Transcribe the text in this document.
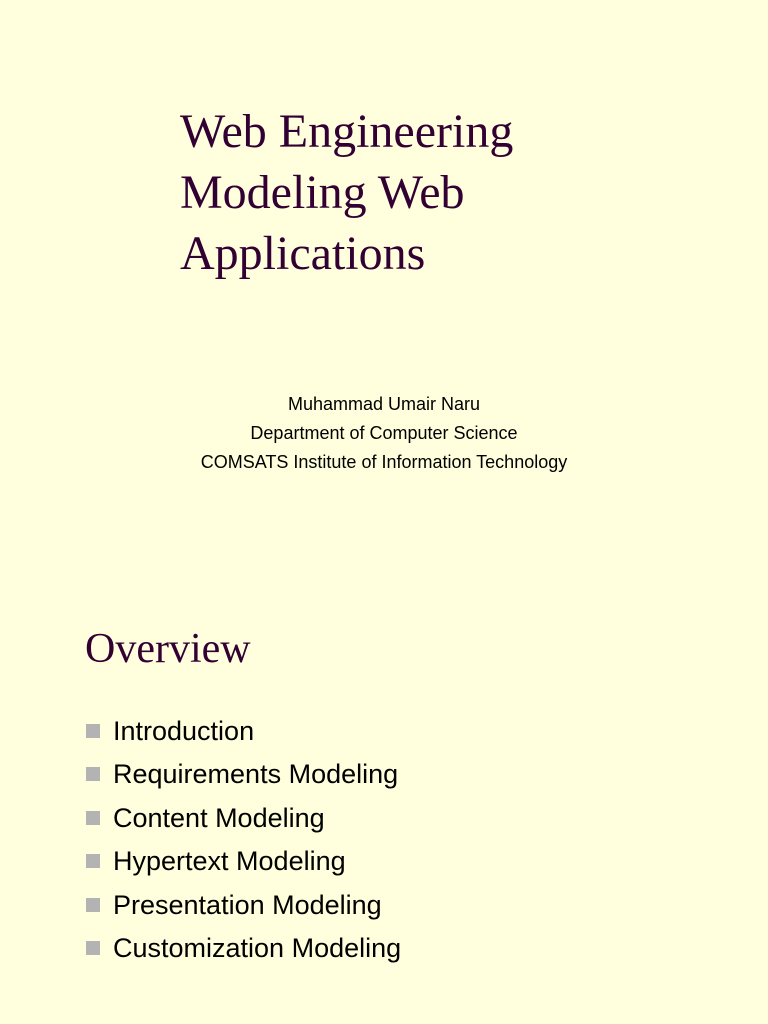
Web Engineering
Modeling Web
Applications
Muhammad Umair Naru
Department of Computer Science
COMSATS Institute of Information Technology
Overview
Introduction
Requirements Modeling
Content Modeling
Hypertext Modeling
Presentation Modeling
Customization Modeling
